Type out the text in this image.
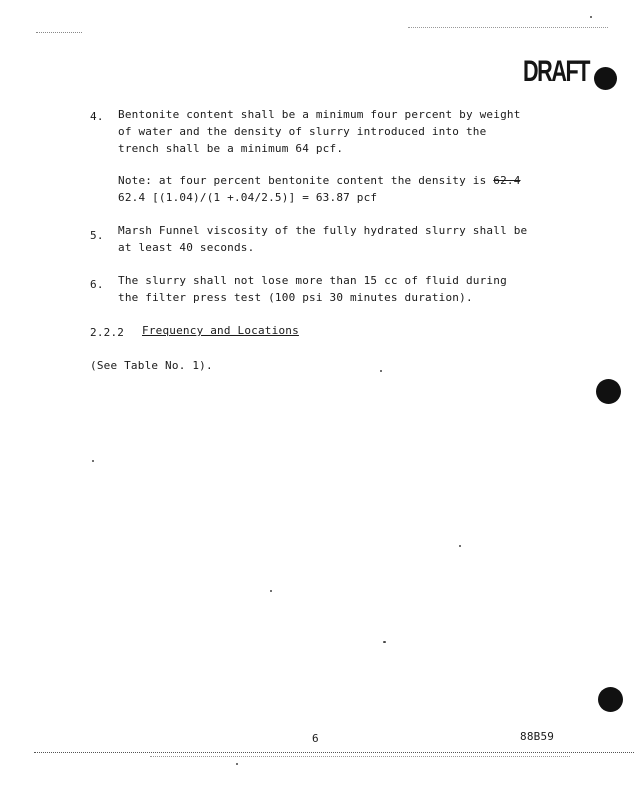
DRAFT
4. Bentonite content shall be a minimum four percent by weight
of water and the density of slurry introduced into the
trench shall be a minimum 64 pcf.
Note: at four percent bentonite content the density is 62.4
62.4 [(1.04)/(1 +.04/2.5)] = 63.87 pcf
5. Marsh Funnel viscosity of the fully hydrated slurry shall be
at least 40 seconds.
6. The slurry shall not lose more than 15 cc of fluid during
the filter press test (100 psi 30 minutes duration).
2.2.2 Frequency and Locations
(See Table No. 1).
6	88B59
